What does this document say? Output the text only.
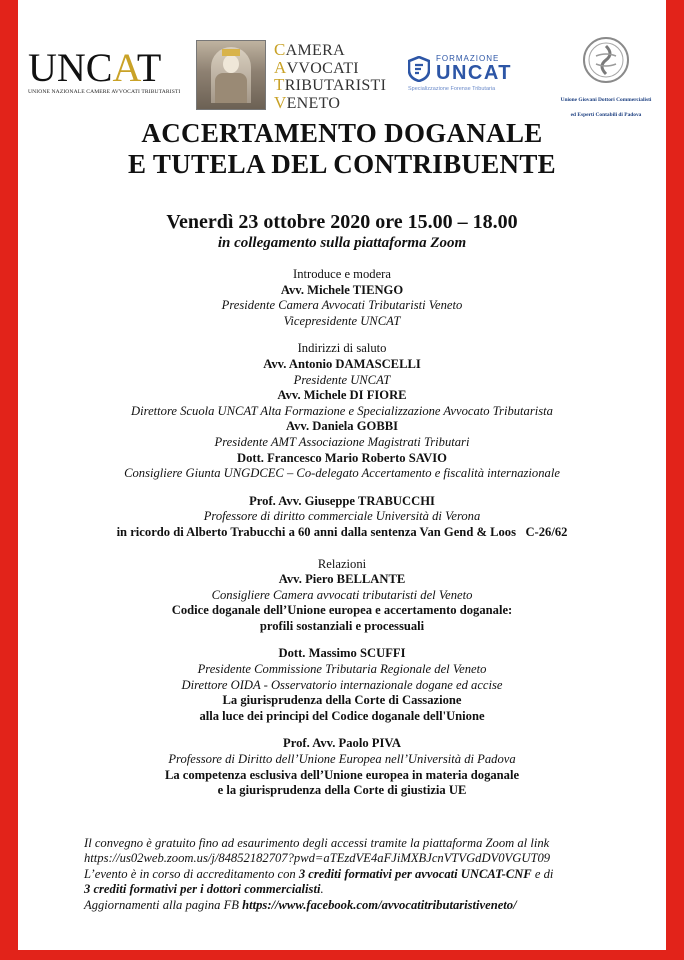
UNCAT
UNIONE NAZIONALE CAMERE AVVOCATI TRIBUTARISTI
CAMERA
AVVOCATI
TRIBUTARISTI
VENETO
FORMAZIONE
UNCAT
Specializzazione Forense Tributaria
Unione Giovani Dottori Commercialisti
ed Esperti Contabili di Padova
ACCERTAMENTO DOGANALE
E TUTELA DEL CONTRIBUENTE
Venerdì 23 ottobre 2020 ore 15.00 – 18.00
in collegamento sulla piattaforma Zoom
Introduce e modera
Avv. Michele TIENGO
Presidente Camera Avvocati Tributaristi Veneto
Vicepresidente UNCAT
Indirizzi di saluto
Avv. Antonio DAMASCELLI
Presidente UNCAT
Avv. Michele DI FIORE
Direttore Scuola UNCAT Alta Formazione e Specializzazione Avvocato Tributarista
Avv. Daniela GOBBI
Presidente AMT Associazione Magistrati Tributari
Dott. Francesco Mario Roberto SAVIO
Consigliere Giunta UNGDCEC – Co-delegato Accertamento e fiscalità internazionale
Prof. Avv. Giuseppe TRABUCCHI
Professore di diritto commerciale Università di Verona
in ricordo di Alberto Trabucchi a 60 anni dalla sentenza Van Gend & Loos   C-26/62
Relazioni
Avv. Piero BELLANTE
Consigliere Camera avvocati tributaristi del Veneto
Codice doganale dell’Unione europea e accertamento doganale:
profili sostanziali e processuali
Dott. Massimo SCUFFI
Presidente Commissione Tributaria Regionale del Veneto
Direttore OIDA - Osservatorio internazionale dogane ed accise
La giurisprudenza della Corte di Cassazione
alla luce dei principi del Codice doganale dell'Unione
Prof. Avv. Paolo PIVA
Professore di Diritto dell’Unione Europea nell’Università di Padova
La competenza esclusiva dell’Unione europea in materia doganale
e la giurisprudenza della Corte di giustizia UE
Il convegno è gratuito fino ad esaurimento degli accessi tramite la piattaforma Zoom al link
https://us02web.zoom.us/j/84852182707?pwd=aTEzdVE4aFJiMXBJcnVTVGdDV0VGUT09
L’evento è in corso di accreditamento con 3 crediti formativi per avvocati UNCAT-CNF e di
3 crediti formativi per i dottori commercialisti.
Aggiornamenti alla pagina FB https://www.facebook.com/avvocatitributaristiveneto/
